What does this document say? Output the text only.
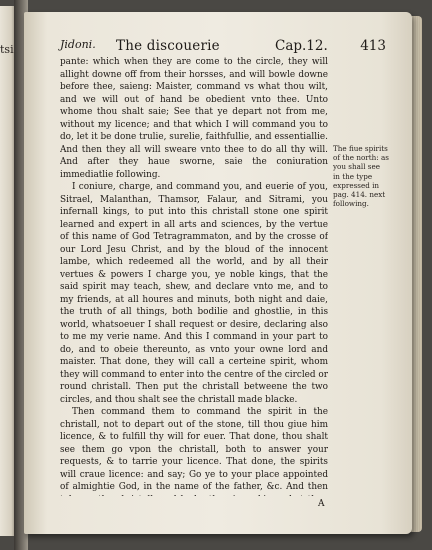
tsi	Jidoni. The discouerie	Cap.12. 413

pante: which when they are come to the circle, they will allight downe off from their horsses, and will bowle downe before thee, saieng: Maister, command vs what thou wilt, and we will out of hand be obedient vnto thee. Unto whome thou shalt saie; See that ye depart not from me, without my licence; and that which I will command you to do, let it be done trulie, surelie, faithfullie, and essentiallie. And then they all will sweare vnto thee to do all thy will. And after they haue sworne, saie the coniuration immediatlie following.

I coniure, charge, and command you, and euerie of you, Sitrael, Malanthan, Thamsor, Falaur, and Sitrami, you infernall kings, to put into this christall stone one spirit learned and expert in all arts and sciences, by the vertue of this name of God Tetragrammaton, and by the crosse of our Lord Jesu Christ, and by the bloud of the innocent lambe, which redeemed all the world, and by all their vertues & powers I charge you, ye noble kings, that the said spirit may teach, shew, and declare vnto me, and to my friends, at all houres and minuts, both night and daie, the truth of all things, both bodilie and ghostlie, in this world, whatsoeuer I shall request or desire, declaring also to me my verie name. And this I command in your part to do, and to obeie thereunto, as vnto your owne lord and maister. That done, they will call a certeine spirit, whom they will command to enter into the centre of the circled or round christall. Then put the christall betweene the two circles, and thou shalt see the christall made blacke.

Then command them to command the spirit in the christall, not to depart out of the stone, till thou giue him licence, & to fulfill thy will for euer. That done, thou shalt see them go vpon the christall, both to answer your requests, & to tarrie your licence. That done, the spirits will craue licence: and say; Go ye to your place appointed of almightie God, in the name of the father, &c. And then

The fiue spirits of the north: as you shall see in the type expressed in pag. 414. next following.
A
